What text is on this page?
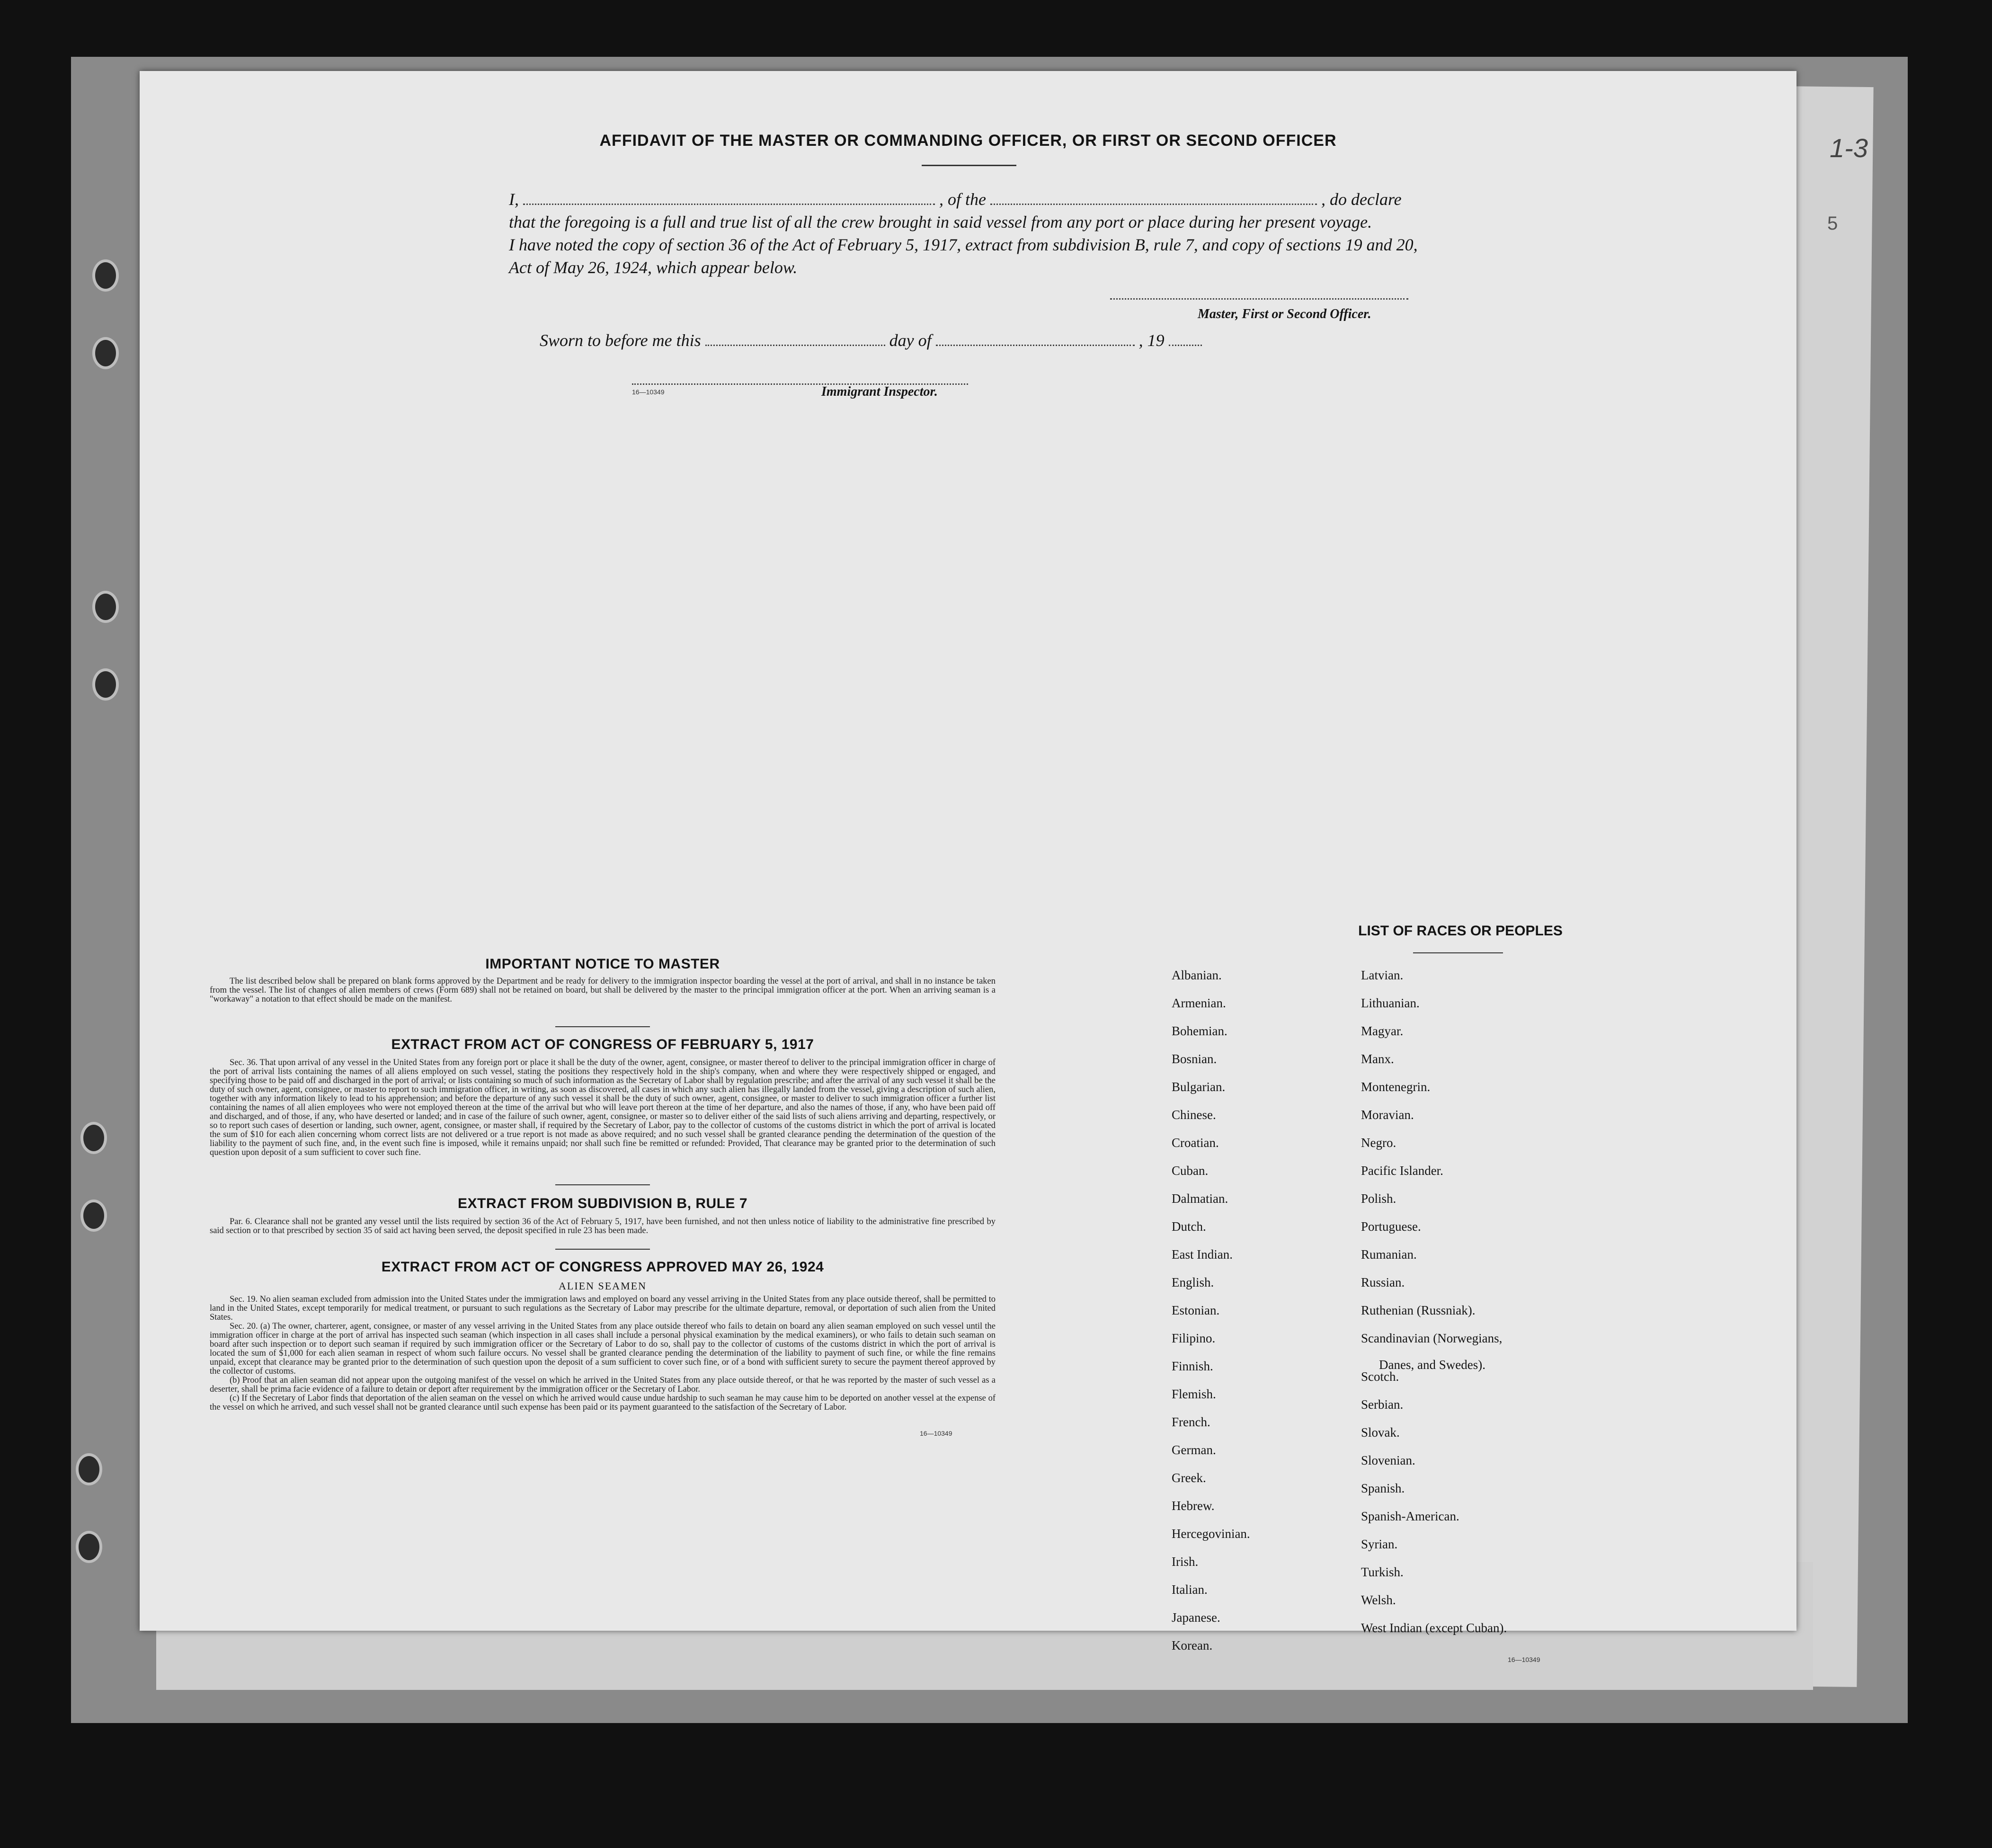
1-3
5
AFFIDAVIT OF THE MASTER OR COMMANDING OFFICER, OR FIRST OR SECOND OFFICER
I,	, of the	, do declare
that the foregoing is a full and true list of all the crew brought in said vessel from any port or place during her present voyage.
I have noted the copy of section 36 of the Act of February 5, 1917, extract from subdivision B, rule 7, and copy of sections 19 and 20,
Act of May 26, 1924, which appear below.
Master, First or Second Officer.
Sworn to before me this	day of	, 19
16—10349	Immigrant Inspector.
IMPORTANT NOTICE TO MASTER

The list described below shall be prepared on blank forms approved by the Department and be ready for delivery to the immigration inspector boarding the vessel at the port of arrival, and shall in no instance be taken from the vessel. The list of changes of alien members of crews (Form 689) shall not be retained on board, but shall be delivered by the master to the principal immigration officer at the port. When an arriving seaman is a "workaway" a notation to that effect should be made on the manifest.

EXTRACT FROM ACT OF CONGRESS OF FEBRUARY 5, 1917

Sec. 36. That upon arrival of any vessel in the United States from any foreign port or place it shall be the duty of the owner, agent, consignee, or master thereof to deliver to the principal immigration officer in charge of the port of arrival lists containing the names of all aliens employed on such vessel, stating the positions they respectively hold in the ship's company, when and where they were respectively shipped or engaged, and specifying those to be paid off and discharged in the port of arrival; or lists containing so much of such information as the Secretary of Labor shall by regulation prescribe; and after the arrival of any such vessel it shall be the duty of such owner, agent, consignee, or master to report to such immigration officer, in writing, as soon as discovered, all cases in which any such alien has illegally landed from the vessel, giving a description of such alien, together with any information likely to lead to his apprehension; and before the departure of any such vessel it shall be the duty of such owner, agent, consignee, or master to deliver to such immigration officer a further list containing the names of all alien employees who were not employed thereon at the time of the arrival but who will leave port thereon at the time of her departure, and also the names of those, if any, who have been paid off and discharged, and of those, if any, who have deserted or landed; and in case of the failure of such owner, agent, consignee, or master so to deliver either of the said lists of such aliens arriving and departing, respectively, or so to report such cases of desertion or landing, such owner, agent, consignee, or master shall, if required by the Secretary of Labor, pay to the collector of customs of the customs district in which the port of arrival is located the sum of $10 for each alien concerning whom correct lists are not delivered or a true report is not made as above required; and no such vessel shall be granted clearance pending the determination of the question of the liability to the payment of such fine, and, in the event such fine is imposed, while it remains unpaid; nor shall such fine be remitted or refunded: Provided, That clearance may be granted prior to the determination of such question upon deposit of a sum sufficient to cover such fine.

EXTRACT FROM SUBDIVISION B, RULE 7

Par. 6. Clearance shall not be granted any vessel until the lists required by section 36 of the Act of February 5, 1917, have been furnished, and not then unless notice of liability to the administrative fine prescribed by said section or to that prescribed by section 35 of said act having been served, the deposit specified in rule 23 has been made.

EXTRACT FROM ACT OF CONGRESS APPROVED MAY 26, 1924
ALIEN SEAMEN

Sec. 19. No alien seaman excluded from admission into the United States under the immigration laws and employed on board any vessel arriving in the United States from any place outside thereof, shall be permitted to land in the United States, except temporarily for medical treatment, or pursuant to such regulations as the Secretary of Labor may prescribe for the ultimate departure, removal, or deportation of such alien from the United States.

Sec. 20. (a) The owner, charterer, agent, consignee, or master of any vessel arriving in the United States from any place outside thereof who fails to detain on board any alien seaman employed on such vessel until the immigration officer in charge at the port of arrival has inspected such seaman (which inspection in all cases shall include a personal physical examination by the medical examiners), or who fails to detain such seaman on board after such inspection or to deport such seaman if required by such immigration officer or the Secretary of Labor to do so, shall pay to the collector of customs of the customs district in which the port of arrival is located the sum of $1,000 for each alien seaman in respect of whom such failure occurs. No vessel shall be granted clearance pending the determination of the liability to payment of such fine, or while the fine remains unpaid, except that clearance may be granted prior to the determination of such question upon the deposit of a sum sufficient to cover such fine, or of a bond with sufficient surety to secure the payment thereof approved by the collector of customs.

(b) Proof that an alien seaman did not appear upon the outgoing manifest of the vessel on which he arrived in the United States from any place outside thereof, or that he was reported by the master of such vessel as a deserter, shall be prima facie evidence of a failure to detain or deport after requirement by the immigration officer or the Secretary of Labor.

(c) If the Secretary of Labor finds that deportation of the alien seaman on the vessel on which he arrived would cause undue hardship to such seaman he may cause him to be deported on another vessel at the expense of the vessel on which he arrived, and such vessel shall not be granted clearance until such expense has been paid or its payment guaranteed to the satisfaction of the Secretary of Labor.

16—10349
LIST OF RACES OR PEOPLES
16—10349
Albanian.
Armenian.
Bohemian.
Bosnian.
Bulgarian.
Chinese.
Croatian.
Cuban.
Dalmatian.
Dutch.
East Indian.
English.
Estonian.
Filipino.
Finnish.
Flemish.
French.
German.
Greek.
Hebrew.
Hercegovinian.
Irish.
Italian.
Japanese.
Korean.
Latvian.
Lithuanian.
Magyar.
Manx.
Montenegrin.
Moravian.
Negro.
Pacific Islander.
Polish.
Portuguese.
Rumanian.
Russian.
Ruthenian (Russniak).
Scandinavian (Norwegians,
Danes, and Swedes).
Scotch.
Serbian.
Slovak.
Slovenian.
Spanish.
Spanish-American.
Syrian.
Turkish.
Welsh.
West Indian (except Cuban).
